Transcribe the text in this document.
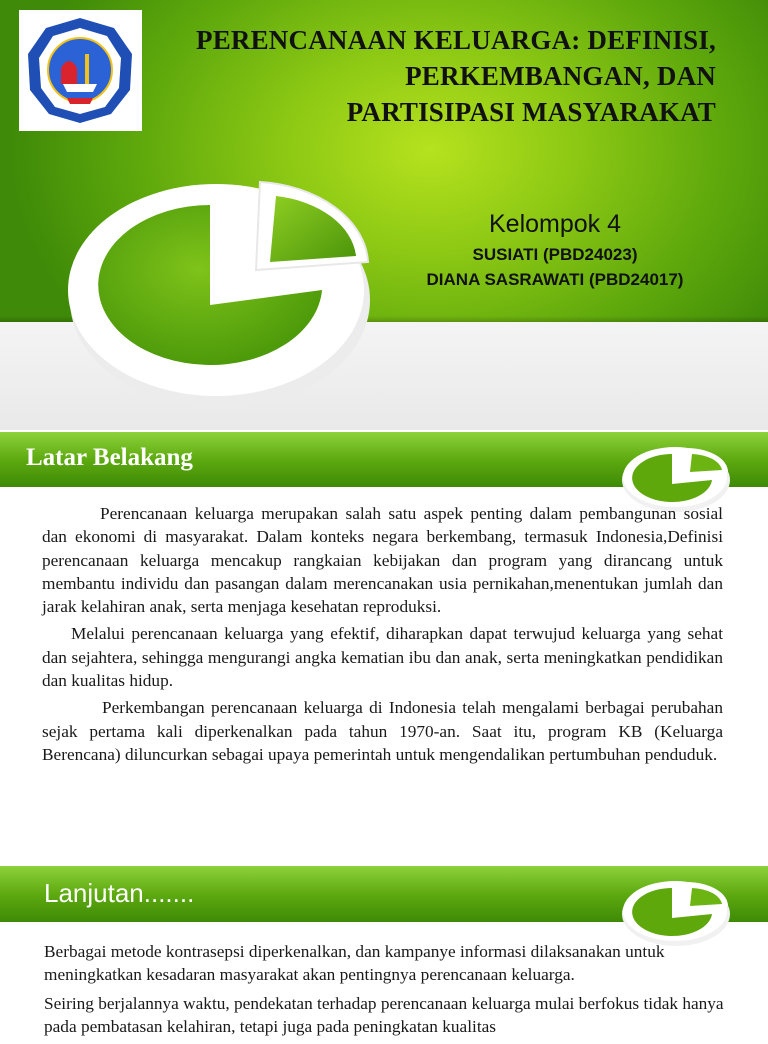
PERENCANAAN KELUARGA: DEFINISI,
PERKEMBANGAN, DAN
PARTISIPASI MASYARAKAT
Kelompok 4
SUSIATI (PBD24023)
DIANA SASRAWATI (PBD24017)
Latar Belakang

Perencanaan keluarga merupakan salah satu aspek penting dalam pembangunan sosial dan ekonomi di masyarakat. Dalam konteks negara berkembang, termasuk Indonesia,Definisi perencanaan keluarga mencakup rangkaian kebijakan dan program yang dirancang untuk membantu individu dan pasangan dalam merencanakan usia pernikahan,menentukan jumlah dan jarak kelahiran anak, serta menjaga kesehatan reproduksi.

Melalui perencanaan keluarga yang efektif, diharapkan dapat terwujud keluarga yang sehat dan sejahtera, sehingga mengurangi angka kematian ibu dan anak, serta meningkatkan pendidikan dan kualitas hidup.

Perkembangan perencanaan keluarga di Indonesia telah mengalami berbagai perubahan sejak pertama kali diperkenalkan pada tahun 1970-an. Saat itu, program KB (Keluarga Berencana) diluncurkan sebagai upaya pemerintah untuk mengendalikan pertumbuhan penduduk.

Lanjutan.......

Berbagai metode kontrasepsi diperkenalkan, dan kampanye informasi dilaksanakan untuk meningkatkan kesadaran masyarakat akan pentingnya perencanaan keluarga.

Seiring berjalannya waktu, pendekatan terhadap perencanaan keluarga mulai berfokus tidak hanya pada pembatasan kelahiran, tetapi juga pada peningkatan kualitas
